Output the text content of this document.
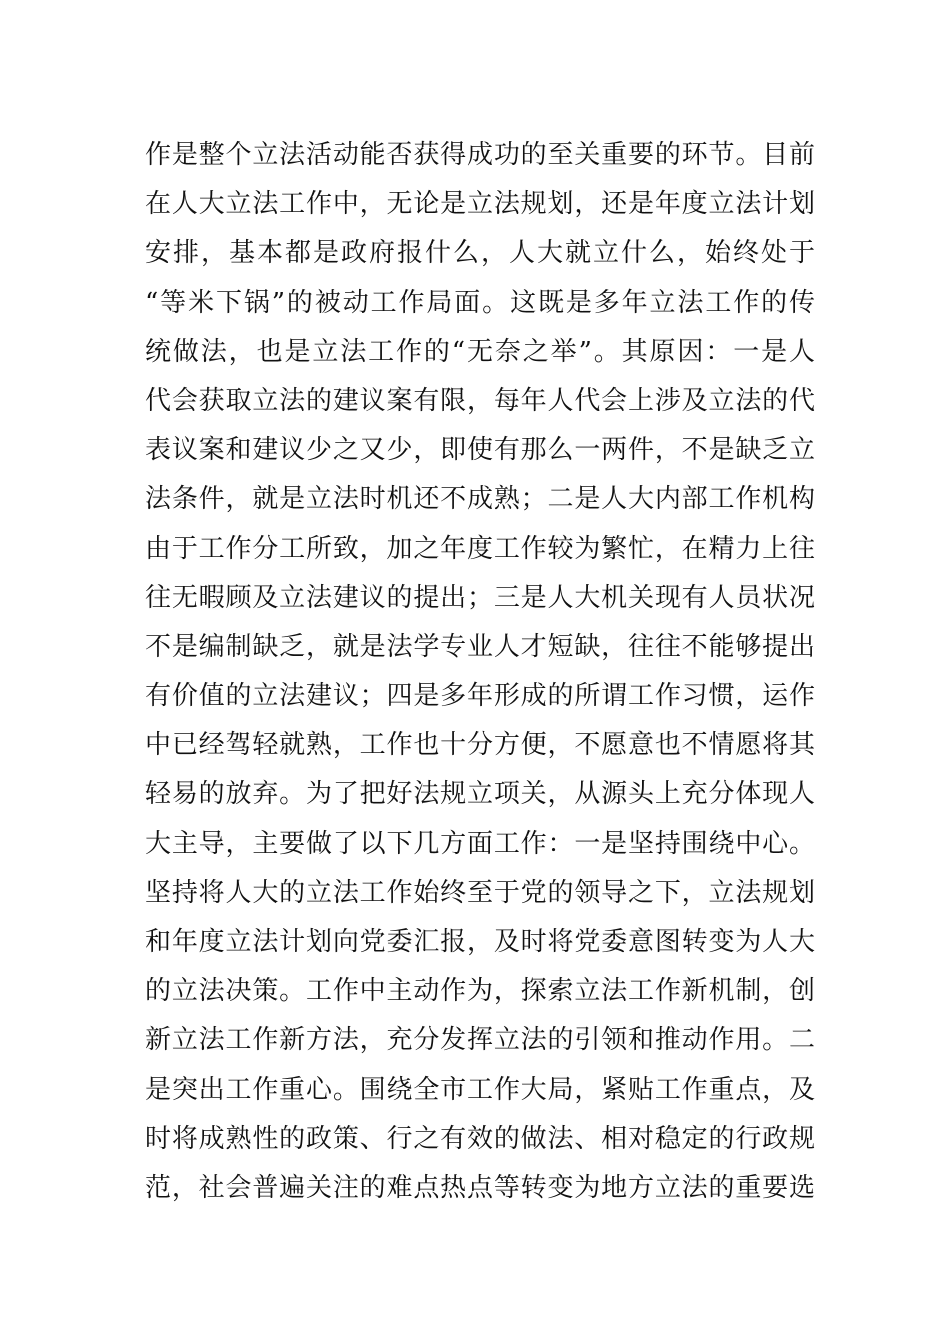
作是整个立法活动能否获得成功的至关重要的环节。目前
在人大立法工作中，无论是立法规划，还是年度立法计划
安排，基本都是政府报什么，人大就立什么，始终处于
“等米下锅”的被动工作局面。这既是多年立法工作的传
统做法，也是立法工作的“无奈之举”。其原因：一是人
代会获取立法的建议案有限，每年人代会上涉及立法的代
表议案和建议少之又少，即使有那么一两件，不是缺乏立
法条件，就是立法时机还不成熟；二是人大内部工作机构
由于工作分工所致，加之年度工作较为繁忙，在精力上往
往无暇顾及立法建议的提出；三是人大机关现有人员状况
不是编制缺乏，就是法学专业人才短缺，往往不能够提出
有价值的立法建议；四是多年形成的所谓工作习惯，运作
中已经驾轻就熟，工作也十分方便，不愿意也不情愿将其
轻易的放弃。为了把好法规立项关，从源头上充分体现人
大主导，主要做了以下几方面工作：一是坚持围绕中心。
坚持将人大的立法工作始终至于党的领导之下，立法规划
和年度立法计划向党委汇报，及时将党委意图转变为人大
的立法决策。工作中主动作为，探索立法工作新机制，创
新立法工作新方法，充分发挥立法的引领和推动作用。二
是突出工作重心。围绕全市工作大局，紧贴工作重点，及
时将成熟性的政策、行之有效的做法、相对稳定的行政规
范，社会普遍关注的难点热点等转变为地方立法的重要选
